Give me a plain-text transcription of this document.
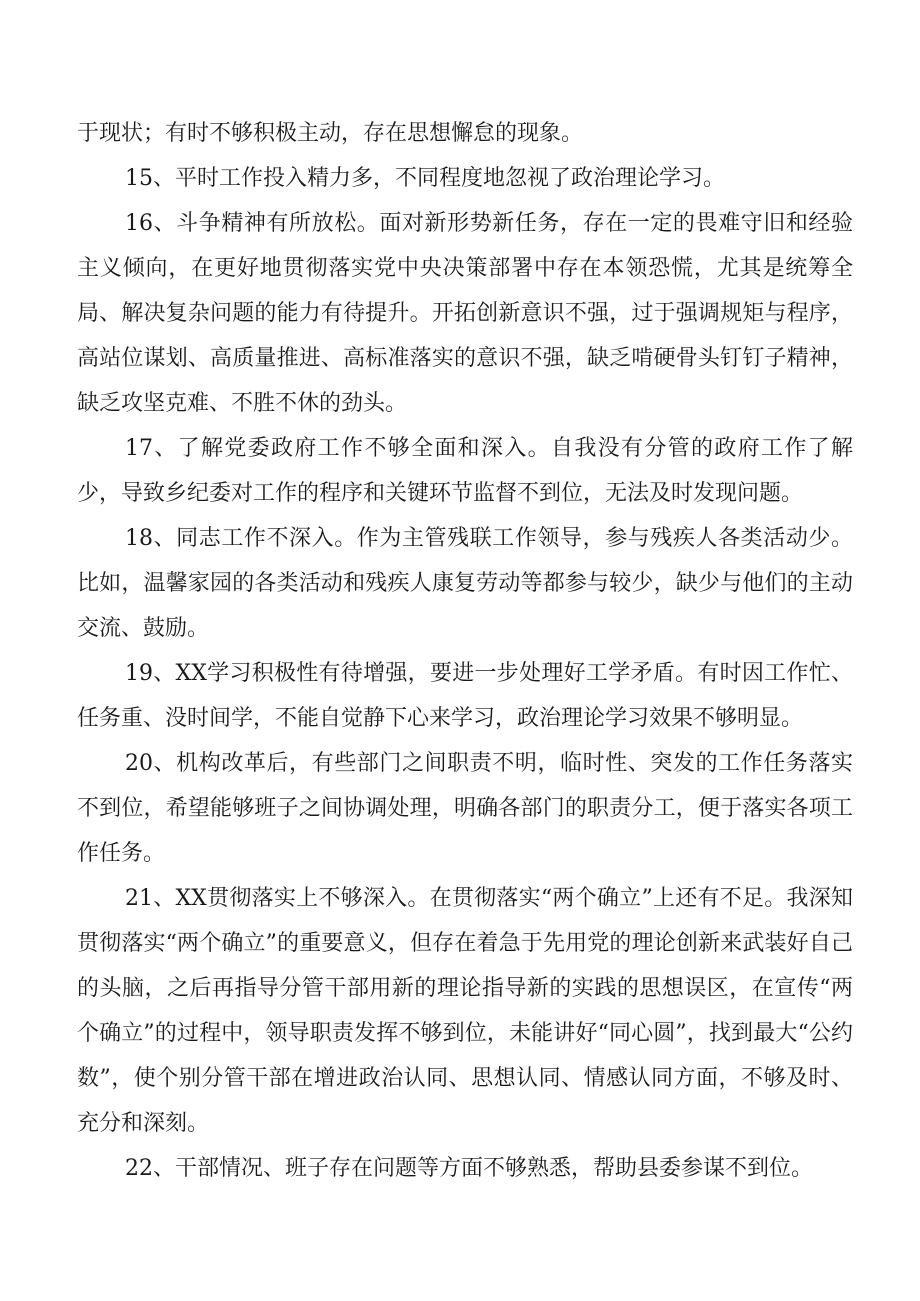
于现状；有时不够积极主动，存在思想懈怠的现象。

15、平时工作投入精力多，不同程度地忽视了政治理论学习。

16、斗争精神有所放松。面对新形势新任务，存在一定的畏难守旧和经验主义倾向，在更好地贯彻落实党中央决策部署中存在本领恐慌，尤其是统筹全局、解决复杂问题的能力有待提升。开拓创新意识不强，过于强调规矩与程序，高站位谋划、高质量推进、高标准落实的意识不强，缺乏啃硬骨头钉钉子精神，缺乏攻坚克难、不胜不休的劲头。

17、了解党委政府工作不够全面和深入。自我没有分管的政府工作了解少，导致乡纪委对工作的程序和关键环节监督不到位，无法及时发现问题。

18、同志工作不深入。作为主管残联工作领导，参与残疾人各类活动少。比如，温馨家园的各类活动和残疾人康复劳动等都参与较少，缺少与他们的主动交流、鼓励。

19、XX学习积极性有待增强，要进一步处理好工学矛盾。有时因工作忙、任务重、没时间学，不能自觉静下心来学习，政治理论学习效果不够明显。

20、机构改革后，有些部门之间职责不明，临时性、突发的工作任务落实不到位，希望能够班子之间协调处理，明确各部门的职责分工，便于落实各项工作任务。

21、XX贯彻落实上不够深入。在贯彻落实“两个确立”上还有不足。我深知贯彻落实“两个确立”的重要意义，但存在着急于先用党的理论创新来武装好自己的头脑，之后再指导分管干部用新的理论指导新的实践的思想误区，在宣传“两个确立”的过程中，领导职责发挥不够到位，未能讲好“同心圆”，找到最大“公约数”，使个别分管干部在增进政治认同、思想认同、情感认同方面，不够及时、充分和深刻。

22、干部情况、班子存在问题等方面不够熟悉，帮助县委参谋不到位。
